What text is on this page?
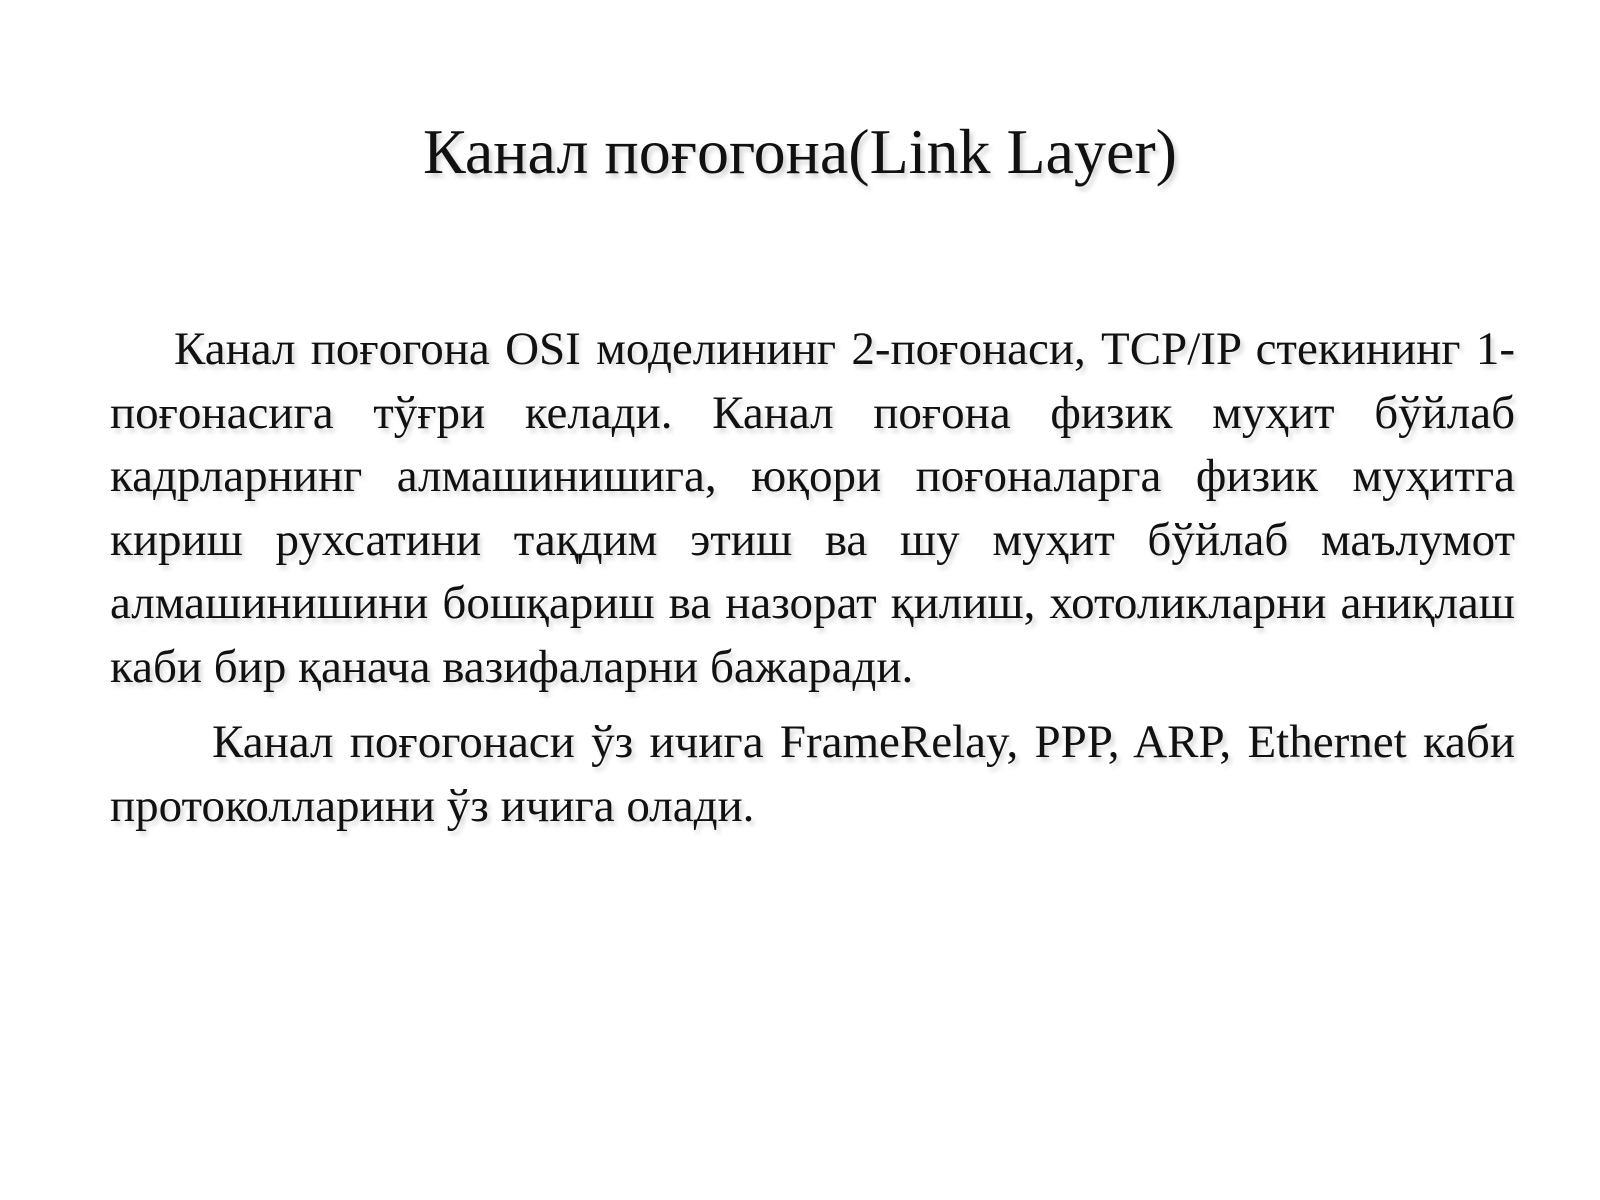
Канал поғогона(Link Layer)

Канал поғогона OSI моделининг 2-поғонаси, TCP/IP стекининг 1-поғонасига тўғри келади. Канал поғона физик муҳит бўйлаб кадрларнинг алмашинишига, юқори поғоналарга физик муҳитга кириш рухсатини тақдим этиш ва шу муҳит бўйлаб маълумот алмашинишини бошқариш ва назорат қилиш, хотоликларни аниқлаш каби бир қанача вазифаларни бажаради.

Канал поғогонаси ўз ичига FrameRelay, PPP, ARP, Ethernet каби протоколларини ўз ичига олади.
